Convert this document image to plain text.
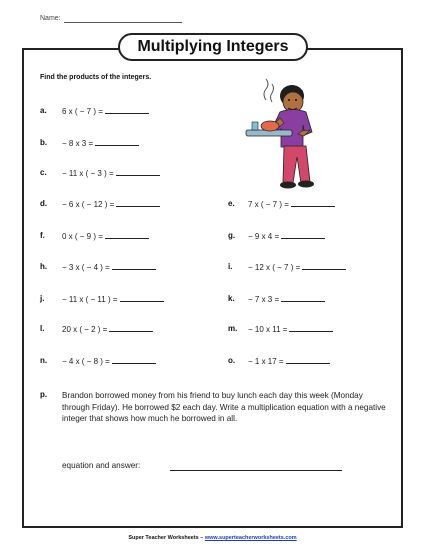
Name:
Multiplying Integers
Find the products of the integers.
a. 6 x ( − 7 ) =
b. − 8 x 3 =
c. − 11 x ( − 3 ) =
d. − 6 x ( − 12 ) =
f. 0 x ( − 9 ) =
h. − 3 x ( − 4 ) =
j. − 11 x ( − 11 ) =
l. 20 x ( − 2 ) =
n. − 4 x ( − 8 ) =
e. 7 x ( − 7 ) =
g. − 9 x 4 =
i. − 12 x ( − 7 ) =
k. − 7 x 3 =
m. − 10 x 11 =
o. − 1 x 17 =
p. Brandon borrowed money from his friend to buy lunch each day this week (Monday through Friday). He borrowed $2 each day. Write a multiplication equation with a negative integer that shows how much he borrowed in all.
equation and answer:
Super Teacher Worksheets – www.superteacherworksheets.com
